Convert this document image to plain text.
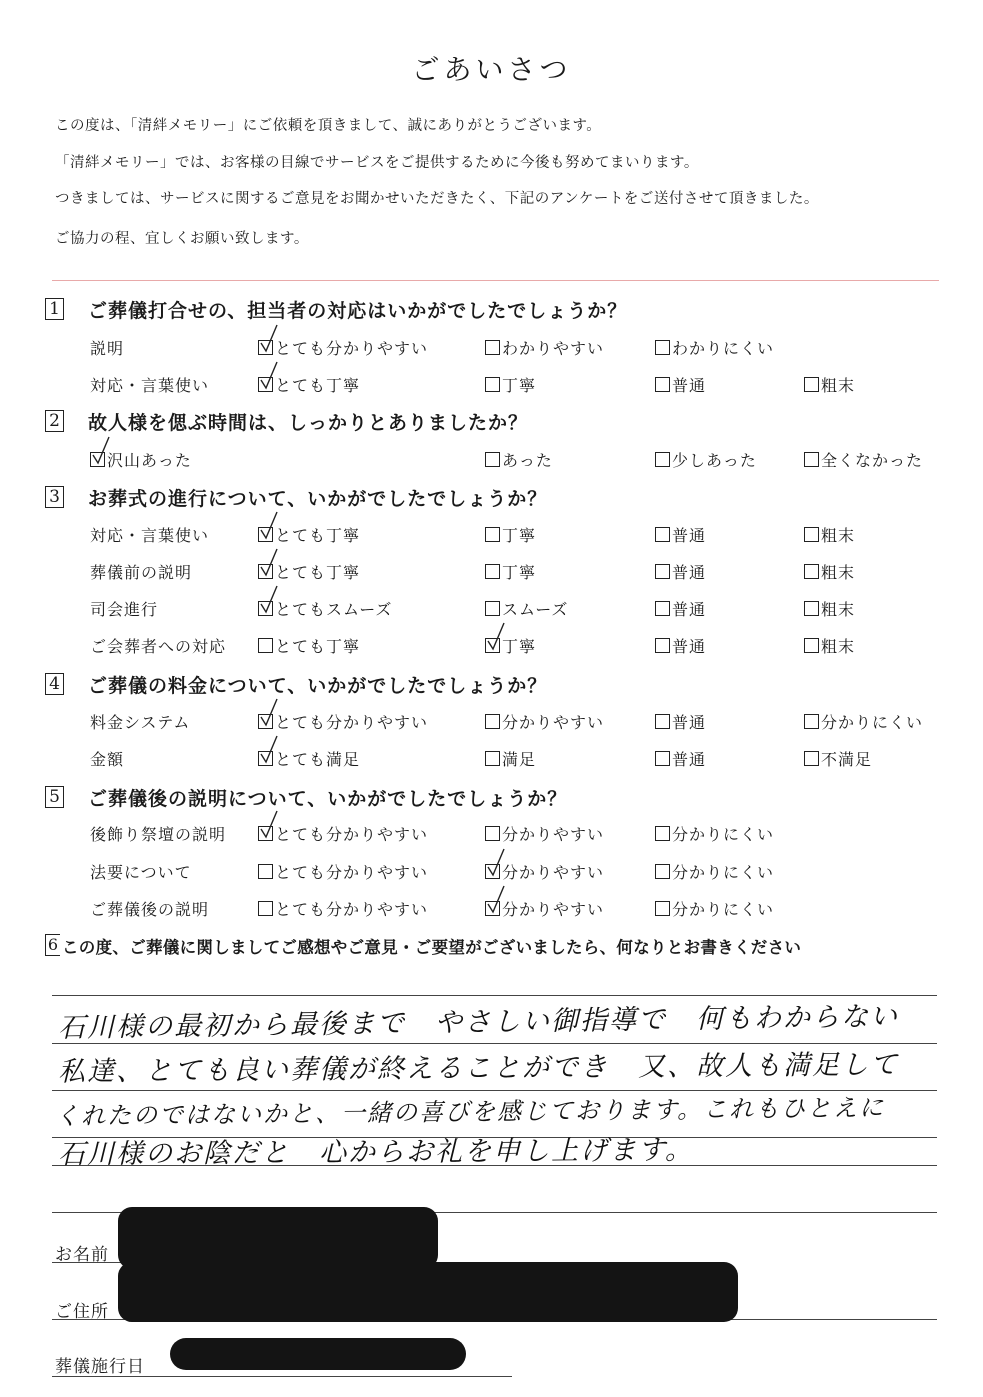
ごあいさつ
この度は、「清絆メモリー」にご依頼を頂きまして、誠にありがとうございます。
「清絆メモリー」では、お客様の目線でサービスをご提供するために今後も努めてまいります。
つきましては、サービスに関するご意見をお聞かせいただきたく、下記のアンケートをご送付させて頂きました。
ご協力の程、宜しくお願い致します。
1 ご葬儀打合せの、担当者の対応はいかがでしたでしょうか？
説明	とても分かりやすい	わかりやすい	わかりにくい
対応・言葉使い	とても丁寧	丁寧	普通	粗末
2 故人様を偲ぶ時間は、しっかりとありましたか？
沢山あった	あった	少しあった	全くなかった
3 お葬式の進行について、いかがでしたでしょうか？
対応・言葉使い	とても丁寧	丁寧	普通	粗末
葬儀前の説明	とても丁寧	丁寧	普通	粗末
司会進行	とてもスムーズ	スムーズ	普通	粗末
ご会葬者への対応	とても丁寧	丁寧	普通	粗末
4 ご葬儀の料金について、いかがでしたでしょうか？
料金システム	とても分かりやすい	分かりやすい	普通	分かりにくい
金額	とても満足	満足	普通	不満足
5 ご葬儀後の説明について、いかがでしたでしょうか？
後飾り祭壇の説明	とても分かりやすい	分かりやすい	分かりにくい
法要について	とても分かりやすい	分かりやすい	分かりにくい
ご葬儀後の説明	とても分かりやすい	分かりやすい	分かりにくい
6 この度、ご葬儀に関しましてご感想やご意見・ご要望がございましたら、何なりとお書きください
石川様の最初から最後まで　やさしい御指導で　何もわからない
私達、とても良い葬儀が終えることができ　又、故人も満足して
くれたのではないかと、一緒の喜びを感じております。これもひとえに
石川様のお陰だと　心からお礼を申し上げます。
お名前
ご住所
葬儀施行日
